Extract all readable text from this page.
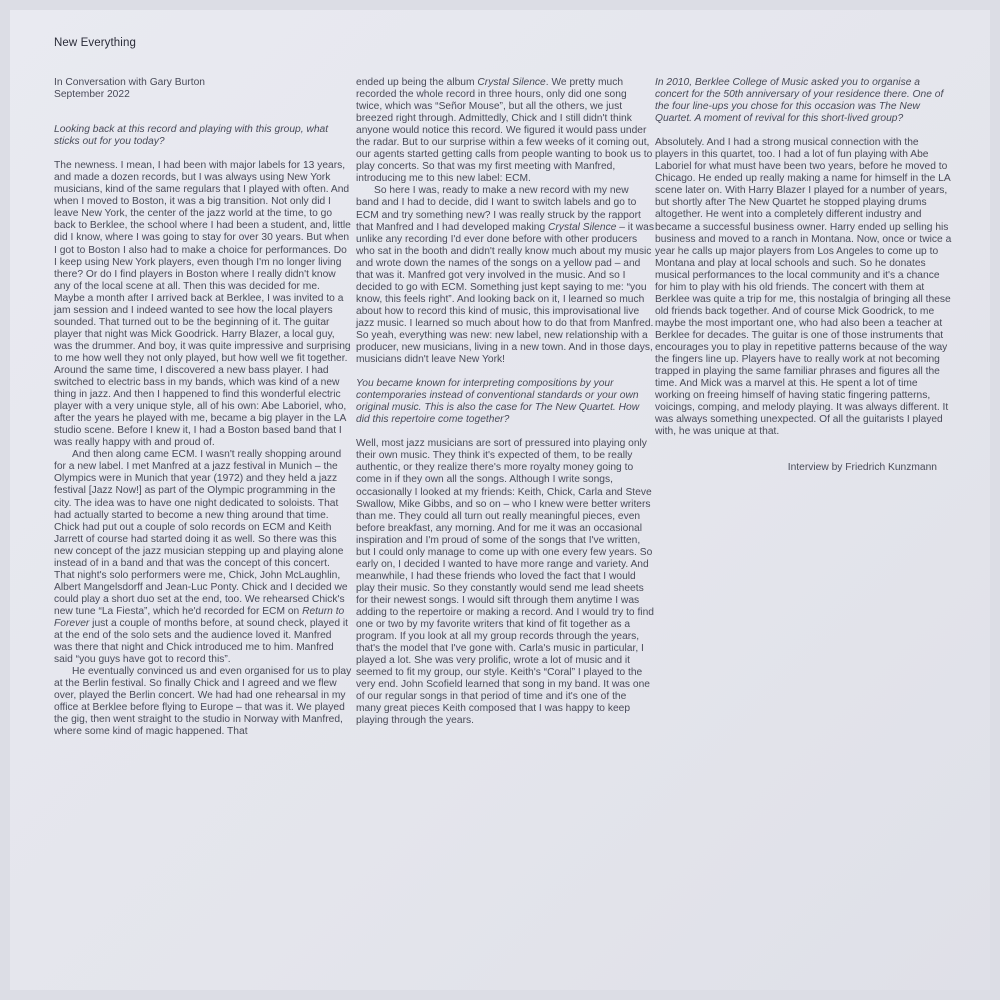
New Everything

In Conversation with Gary Burton

September 2022

Looking back at this record and playing with this group, what sticks out for you today?

The newness. I mean, I had been with major labels for 13 years, and made a dozen records, but I was always using New York musicians, kind of the same regulars that I played with often. And when I moved to Boston, it was a big transition. Not only did I leave New York, the center of the jazz world at the time, to go back to Berklee, the school where I had been a student, and, little did I know, where I was going to stay for over 30 years. But when I got to Boston I also had to make a choice for performances. Do I keep using New York players, even though I'm no longer living there? Or do I find players in Boston where I really didn't know any of the local scene at all. Then this was decided for me. Maybe a month after I arrived back at Berklee, I was invited to a jam session and I indeed wanted to see how the local players sounded. That turned out to be the beginning of it. The guitar player that night was Mick Goodrick. Harry Blazer, a local guy, was the drummer. And boy, it was quite impressive and surprising to me how well they not only played, but how well we fit together. Around the same time, I discovered a new bass player. I had switched to electric bass in my bands, which was kind of a new thing in jazz. And then I happened to find this wonderful electric player with a very unique style, all of his own: Abe Laboriel, who, after the years he played with me, became a big player in the LA studio scene. Before I knew it, I had a Boston based band that I was really happy with and proud of.

And then along came ECM. I wasn't really shopping around for a new label. I met Manfred at a jazz festival in Munich – the Olympics were in Munich that year (1972) and they held a jazz festival [Jazz Now!] as part of the Olympic programming in the city. The idea was to have one night dedicated to soloists. That had actually started to become a new thing around that time. Chick had put out a couple of solo records on ECM and Keith Jarrett of course had started doing it as well. So there was this new concept of the jazz musician stepping up and playing alone instead of in a band and that was the concept of this concert. That night's solo performers were me, Chick, John McLaughlin, Albert Mangelsdorff and Jean-Luc Ponty. Chick and I decided we could play a short duo set at the end, too. We rehearsed Chick's new tune “La Fiesta”, which he'd recorded for ECM on Return to Forever just a couple of months before, at sound check, played it at the end of the solo sets and the audience loved it. Manfred was there that night and Chick introduced me to him. Manfred said “you guys have got to record this”.

He eventually convinced us and even organised for us to play at the Berlin festival. So finally Chick and I agreed and we flew over, played the Berlin concert. We had had one rehearsal in my office at Berklee before flying to Europe – that was it. We played the gig, then went straight to the studio in Norway with Manfred, where some kind of magic happened. That

ended up being the album Crystal Silence. We pretty much recorded the whole record in three hours, only did one song twice, which was “Señor Mouse”, but all the others, we just breezed right through. Admittedly, Chick and I still didn't think anyone would notice this record. We figured it would pass under the radar. But to our surprise within a few weeks of it coming out, our agents started getting calls from people wanting to book us to play concerts. So that was my first meeting with Manfred, introducing me to this new label: ECM.

So here I was, ready to make a new record with my new band and I had to decide, did I want to switch labels and go to ECM and try something new? I was really struck by the rapport that Manfred and I had developed making Crystal Silence – it was unlike any recording I'd ever done before with other producers who sat in the booth and didn't really know much about my music and wrote down the names of the songs on a yellow pad – and that was it. Manfred got very involved in the music. And so I decided to go with ECM. Something just kept saying to me: “you know, this feels right”. And looking back on it, I learned so much about how to record this kind of music, this improvisational live jazz music. I learned so much about how to do that from Manfred. So yeah, everything was new: new label, new relationship with a producer, new musicians, living in a new town. And in those days, musicians didn't leave New York!

You became known for interpreting compositions by your contemporaries instead of conventional standards or your own original music. This is also the case for The New Quartet. How did this repertoire come together?

Well, most jazz musicians are sort of pressured into playing only their own music. They think it's expected of them, to be really authentic, or they realize there's more royalty money going to come in if they own all the songs. Although I write songs, occasionally I looked at my friends: Keith, Chick, Carla and Steve Swallow, Mike Gibbs, and so on – who I knew were better writers than me. They could all turn out really meaningful pieces, even before breakfast, any morning. And for me it was an occasional inspiration and I'm proud of some of the songs that I've written, but I could only manage to come up with one every few years. So early on, I decided I wanted to have more range and variety. And meanwhile, I had these friends who loved the fact that I would play their music. So they constantly would send me lead sheets for their newest songs. I would sift through them anytime I was adding to the repertoire or making a record. And I would try to find one or two by my favorite writers that kind of fit together as a program. If you look at all my group records through the years, that's the model that I've gone with. Carla's music in particular, I played a lot. She was very prolific, wrote a lot of music and it seemed to fit my group, our style. Keith's “Coral” I played to the very end. John Scofield learned that song in my band. It was one of our regular songs in that period of time and it's one of the many great pieces Keith composed that I was happy to keep playing through the years.

In 2010, Berklee College of Music asked you to organise a concert for the 50th anniversary of your residence there. One of the four line-ups you chose for this occasion was The New Quartet. A moment of revival for this short-lived group?

Absolutely. And I had a strong musical connection with the players in this quartet, too. I had a lot of fun playing with Abe Laboriel for what must have been two years, before he moved to Chicago. He ended up really making a name for himself in the LA scene later on. With Harry Blazer I played for a number of years, but shortly after The New Quartet he stopped playing drums altogether. He went into a completely different industry and became a successful business owner. Harry ended up selling his business and moved to a ranch in Montana. Now, once or twice a year he calls up major players from Los Angeles to come up to Montana and play at local schools and such. So he donates musical performances to the local community and it's a chance for him to play with his old friends. The concert with them at Berklee was quite a trip for me, this nostalgia of bringing all these old friends back together. And of course Mick Goodrick, to me maybe the most important one, who had also been a teacher at Berklee for decades. The guitar is one of those instruments that encourages you to play in repetitive patterns because of the way the fingers line up. Players have to really work at not becoming trapped in playing the same familiar phrases and figures all the time. And Mick was a marvel at this. He spent a lot of time working on freeing himself of having static fingering patterns, voicings, comping, and melody playing. It was always different. It was always something unexpected. Of all the guitarists I played with, he was unique at that.

Interview by Friedrich Kunzmann
